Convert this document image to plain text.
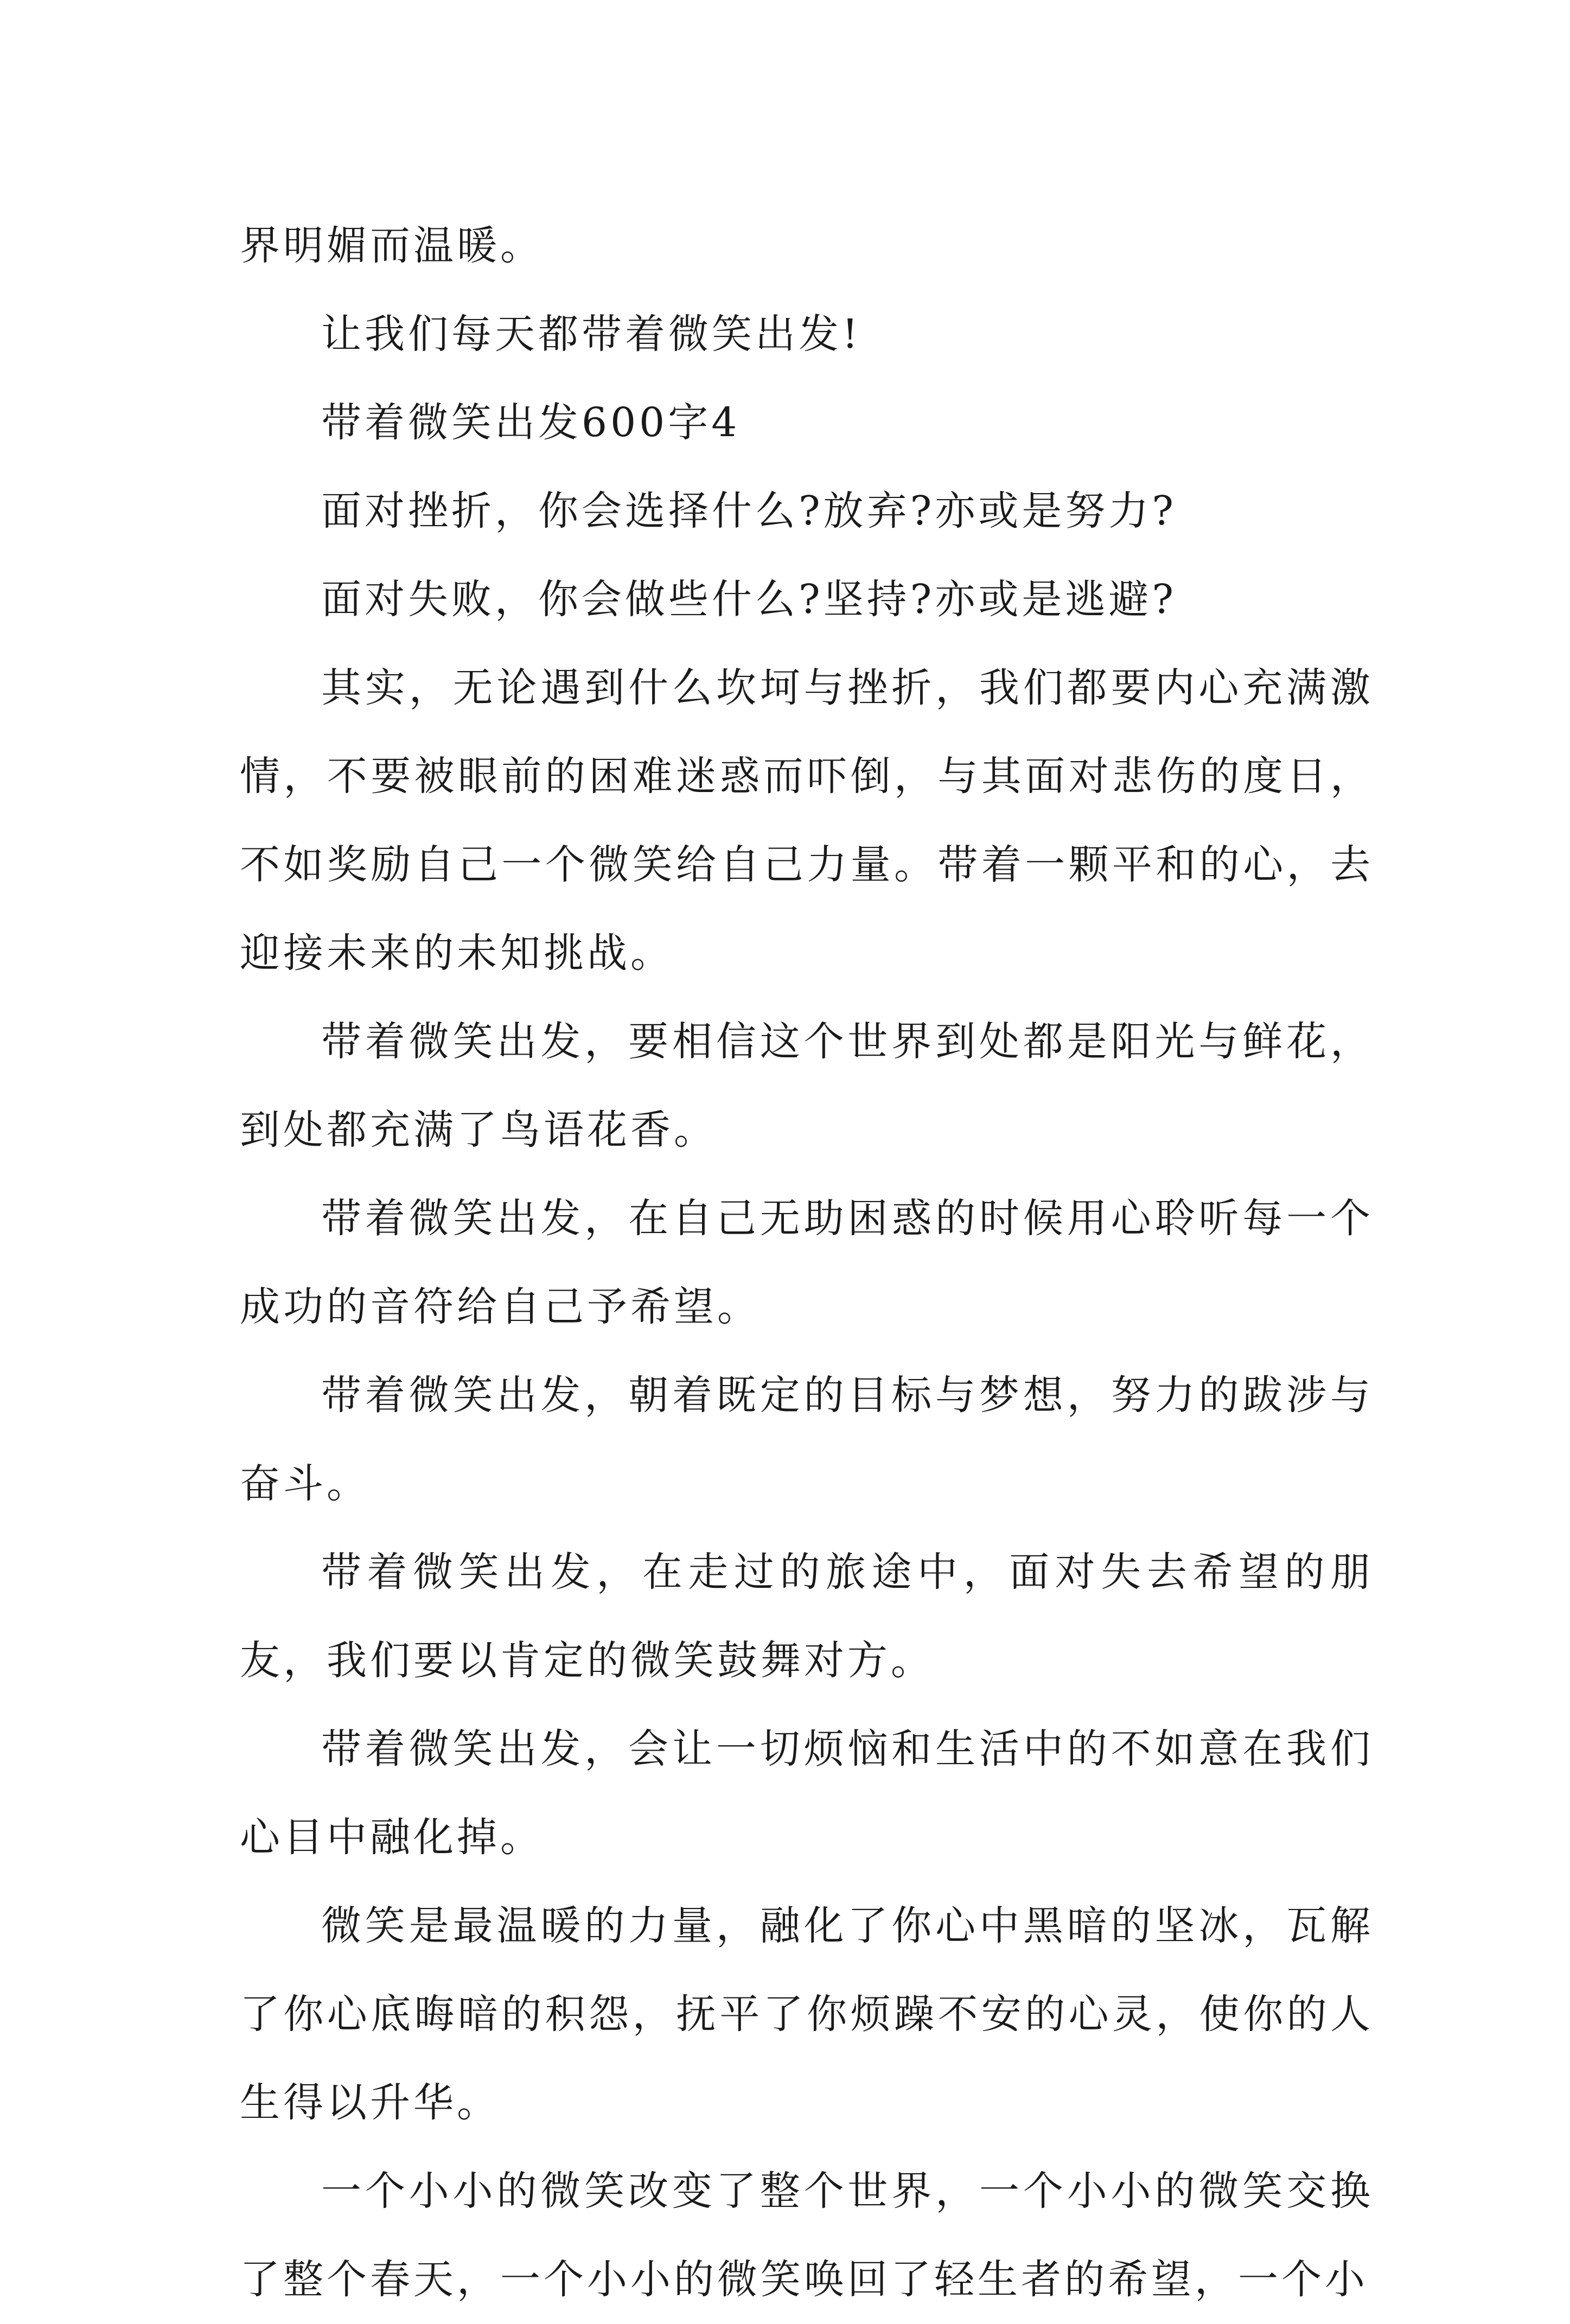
界明媚而温暖。

让我们每天都带着微笑出发!

带着微笑出发600字4

面对挫折，你会选择什么?放弃?亦或是努力?

面对失败，你会做些什么?坚持?亦或是逃避?

其实，无论遇到什么坎坷与挫折，我们都要内心充满激情，不要被眼前的困难迷惑而吓倒，与其面对悲伤的度日，不如奖励自己一个微笑给自己力量。带着一颗平和的心，去迎接未来的未知挑战。

带着微笑出发，要相信这个世界到处都是阳光与鲜花，到处都充满了鸟语花香。

带着微笑出发，在自己无助困惑的时候用心聆听每一个成功的音符给自己予希望。

带着微笑出发，朝着既定的目标与梦想，努力的跋涉与奋斗。

带着微笑出发，在走过的旅途中，面对失去希望的朋友，我们要以肯定的微笑鼓舞对方。

带着微笑出发，会让一切烦恼和生活中的不如意在我们心目中融化掉。

微笑是最温暖的力量，融化了你心中黑暗的坚冰，瓦解了你心底晦暗的积怨，抚平了你烦躁不安的心灵，使你的人生得以升华。

一个小小的微笑改变了整个世界，一个小小的微笑交换了整个春天，一个小小的微笑唤回了轻生者的希望，一个小
